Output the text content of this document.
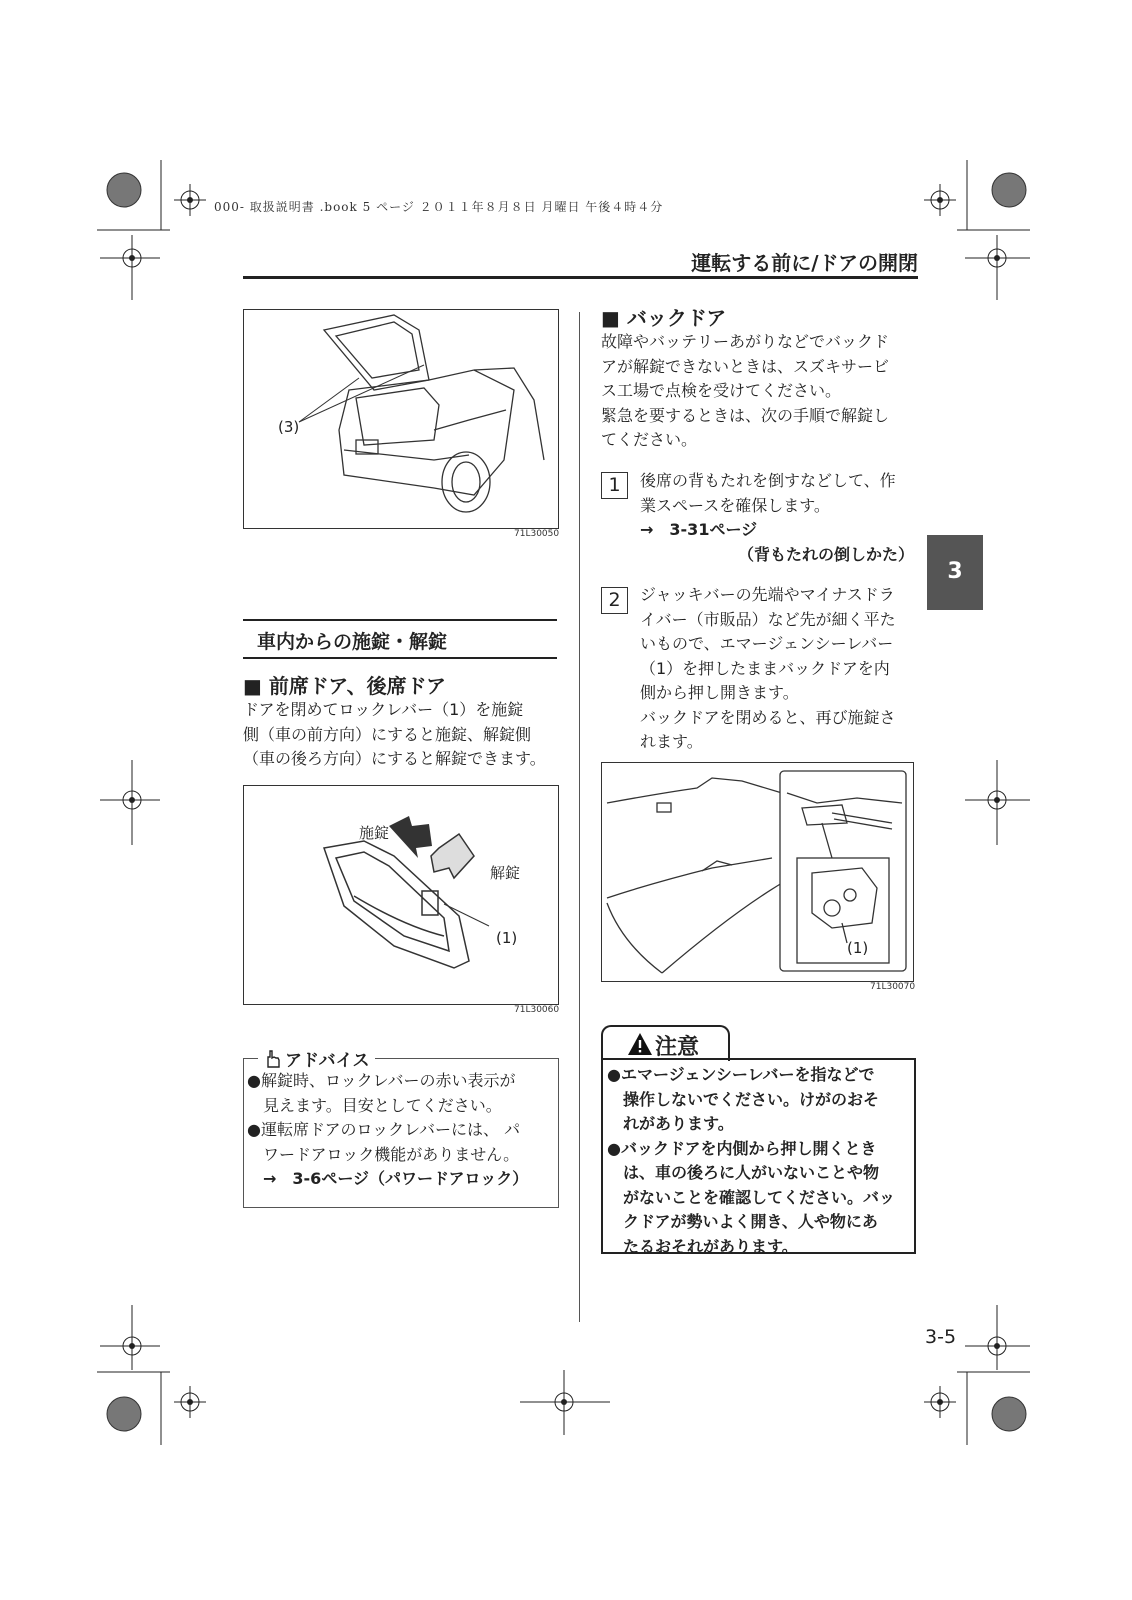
000- 取扱説明書 .book 5 ページ ２０１１年８月８日 月曜日 午後４時４分
運転する前に/ドアの開閉
3
(3)
71L30050
車内からの施錠・解錠
■ 前席ドア、後席ドア
ドアを閉めてロックレバー（1）を施錠
側（車の前方向）にすると施錠、解錠側
（車の後ろ方向）にすると解錠できます。
施錠
解錠
(1)
71L30060
アドバイス
●解錠時、ロックレバーの赤い表示が
　見えます。目安としてください。
●運転席ドアのロックレバーには、 パ
　ワードアロック機能がありません。
　→　3-6ページ（パワードアロック）
■ バックドア
故障やバッテリーあがりなどでバックド
アが解錠できないときは、スズキサービ
ス工場で点検を受けてください。
緊急を要するときは、次の手順で解錠し
てください。
1	後席の背もたれを倒すなどして、作
業スペースを確保します。
→　3-31ページ
（背もたれの倒しかた）
2	ジャッキバーの先端やマイナスドラ
イバー（市販品）など先が細く平た
いもので、エマージェンシーレバー
（1）を押したままバックドアを内
側から押し開きます。
バックドアを閉めると、再び施錠さ
れます。
(1)
71L30070
注意
●エマージェンシーレバーを指などで
　操作しないでください。けがのおそ
　れがあります。
●バックドアを内側から押し開くとき
　は、車の後ろに人がいないことや物
　がないことを確認してください。バッ
　クドアが勢いよく開き、人や物にあ
　たるおそれがあります。
3-5
